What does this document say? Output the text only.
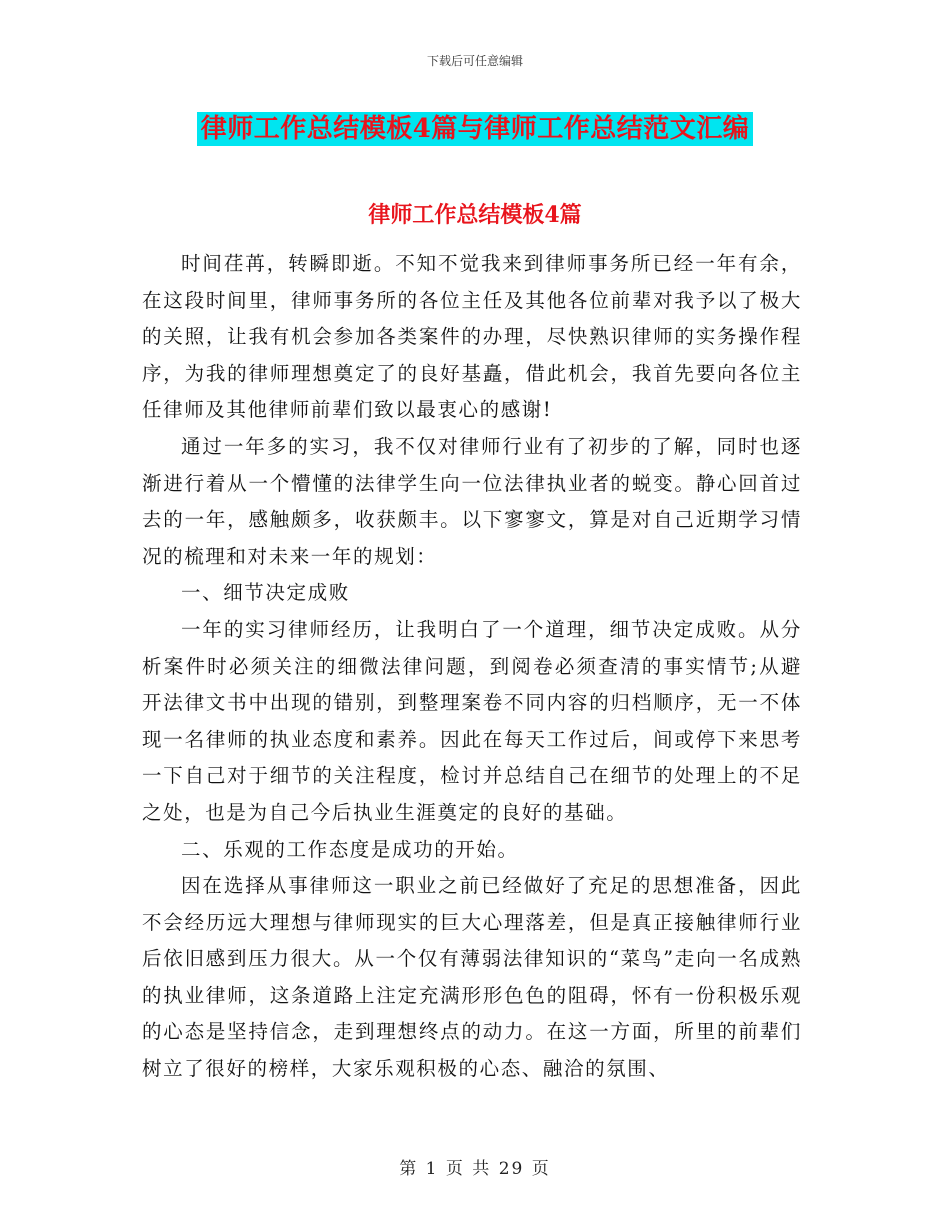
下载后可任意编辑
律师工作总结模板4篇与律师工作总结范文汇编
律师工作总结模板4篇

时间荏苒，转瞬即逝。不知不觉我来到律师事务所已经一年有余，在这段时间里，律师事务所的各位主任及其他各位前辈对我予以了极大的关照，让我有机会参加各类案件的办理，尽快熟识律师的实务操作程序，为我的律师理想奠定了的良好基矗，借此机会，我首先要向各位主任律师及其他律师前辈们致以最衷心的感谢!

通过一年多的实习，我不仅对律师行业有了初步的了解，同时也逐渐进行着从一个懵懂的法律学生向一位法律执业者的蜕变。静心回首过去的一年，感触颇多，收获颇丰。以下寥寥文，算是对自己近期学习情况的梳理和对未来一年的规划：

一、细节决定成败

一年的实习律师经历，让我明白了一个道理，细节决定成败。从分析案件时必须关注的细微法律问题，到阅卷必须查清的事实情节;从避开法律文书中出现的错别，到整理案卷不同内容的归档顺序，无一不体现一名律师的执业态度和素养。因此在每天工作过后，间或停下来思考一下自己对于细节的关注程度，检讨并总结自己在细节的处理上的不足之处，也是为自己今后执业生涯奠定的良好的基础。

二、乐观的工作态度是成功的开始。

因在选择从事律师这一职业之前已经做好了充足的思想准备，因此不会经历远大理想与律师现实的巨大心理落差，但是真正接触律师行业后依旧感到压力很大。从一个仅有薄弱法律知识的“菜鸟”走向一名成熟的执业律师，这条道路上注定充满形形色色的阻碍，怀有一份积极乐观的心态是坚持信念，走到理想终点的动力。在这一方面，所里的前辈们树立了很好的榜样，大家乐观积极的心态、融洽的氛围、

第 1 页 共 29 页
